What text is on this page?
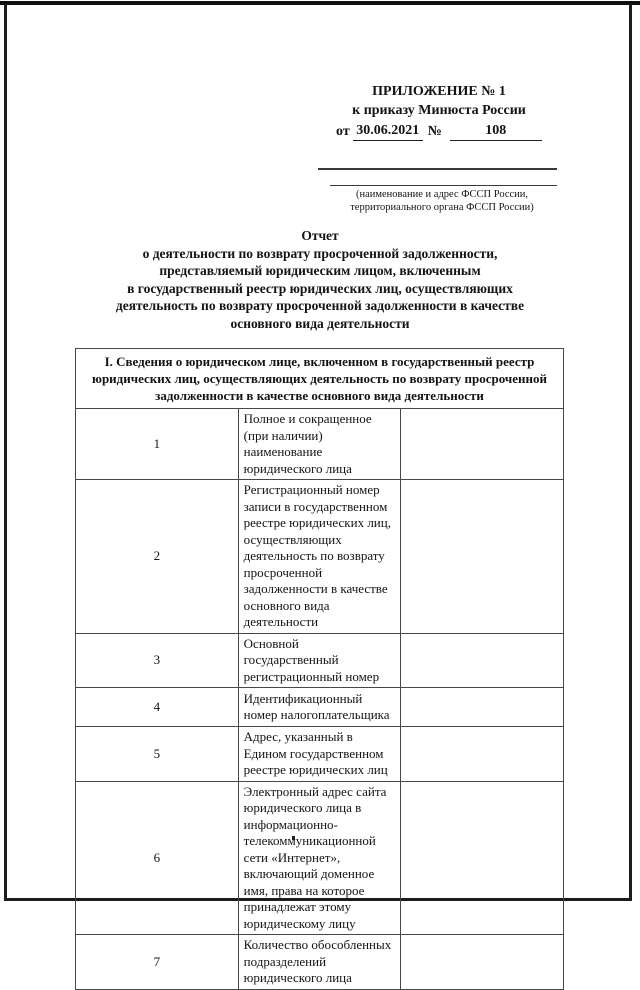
ПРИЛОЖЕНИЕ № 1
к приказу Минюста России
от 30.06.2021 №	108
(наименование и адрес ФССП России,
территориального органа ФССП России)
Отчет
о деятельности по возврату просроченной задолженности,
представляемый юридическим лицом, включенным
в государственный реестр юридических лиц, осуществляющих
деятельность по возврату просроченной задолженности в качестве
основного вида деятельности
I. Сведения о юридическом лице, включенном в государственный реестр юридических лиц, осуществляющих деятельность по возврату просроченной задолженности в качестве основного вида деятельности		
1	Полное и сокращенное (при наличии) наименование юридического лица	
2	Регистрационный номер записи в государственном реестре юридических лиц, осуществляющих деятельность по возврату просроченной задолженности в качестве основного вида деятельности	
3	Основной государственный регистрационный номер	
4	Идентификационный номер налогоплательщика	
5	Адрес, указанный в Едином государственном реестре юридических лиц	
6	Электронный адрес сайта юридического лица в информационно-телекоммуникационной сети «Интернет», включающий доменное имя, права на которое принадлежат этому юридическому лицу	
7	Количество обособленных подразделений юридического лица	
